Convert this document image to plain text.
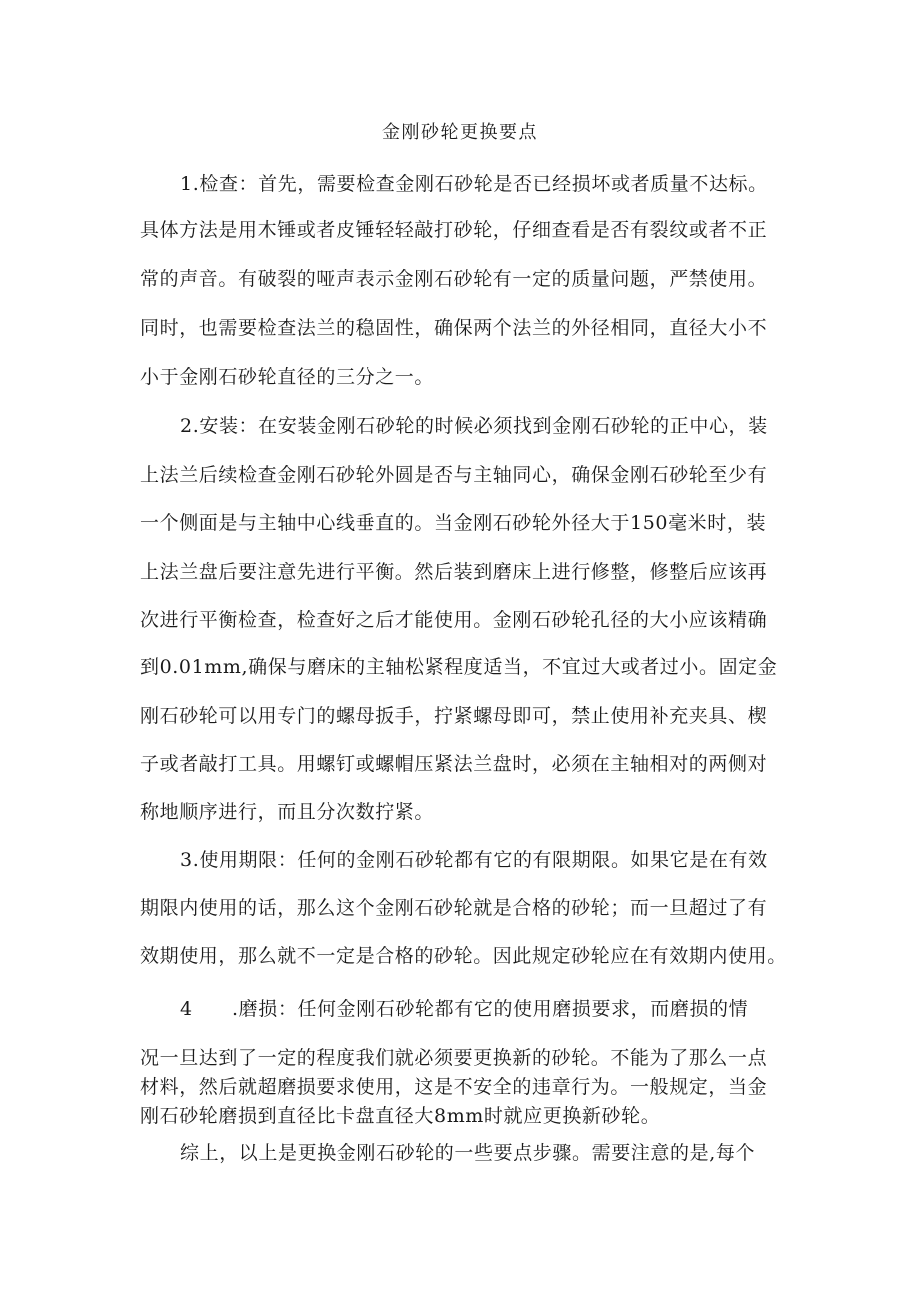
金刚砂轮更换要点
1.检查：首先，需要检查金刚石砂轮是否已经损坏或者质量不达标。
具体方法是用木锤或者皮锤轻轻敲打砂轮，仔细查看是否有裂纹或者不正
常的声音。有破裂的哑声表示金刚石砂轮有一定的质量问题，严禁使用。
同时，也需要检查法兰的稳固性，确保两个法兰的外径相同，直径大小不
小于金刚石砂轮直径的三分之一。
2.安装：在安装金刚石砂轮的时候必须找到金刚石砂轮的正中心，装
上法兰后续检查金刚石砂轮外圆是否与主轴同心，确保金刚石砂轮至少有
一个侧面是与主轴中心线垂直的。当金刚石砂轮外径大于150毫米时，装
上法兰盘后要注意先进行平衡。然后装到磨床上进行修整，修整后应该再
次进行平衡检查，检查好之后才能使用。金刚石砂轮孔径的大小应该精确
到0.01mm,确保与磨床的主轴松紧程度适当，不宜过大或者过小。固定金
刚石砂轮可以用专门的螺母扳手，拧紧螺母即可，禁止使用补充夹具、楔
子或者敲打工具。用螺钉或螺帽压紧法兰盘时，必须在主轴相对的两侧对
称地顺序进行，而且分次数拧紧。
3.使用期限：任何的金刚石砂轮都有它的有限期限。如果它是在有效
期限内使用的话，那么这个金刚石砂轮就是合格的砂轮；而一旦超过了有
效期使用，那么就不一定是合格的砂轮。因此规定砂轮应在有效期内使用。
4 .磨损：任何金刚石砂轮都有它的使用磨损要求，而磨损的情
况一旦达到了一定的程度我们就必须要更换新的砂轮。不能为了那么一点
材料，然后就超磨损要求使用，这是不安全的违章行为。一般规定，当金
刚石砂轮磨损到直径比卡盘直径大8mm时就应更换新砂轮。
综上，以上是更换金刚石砂轮的一些要点步骤。需要注意的是,每个
